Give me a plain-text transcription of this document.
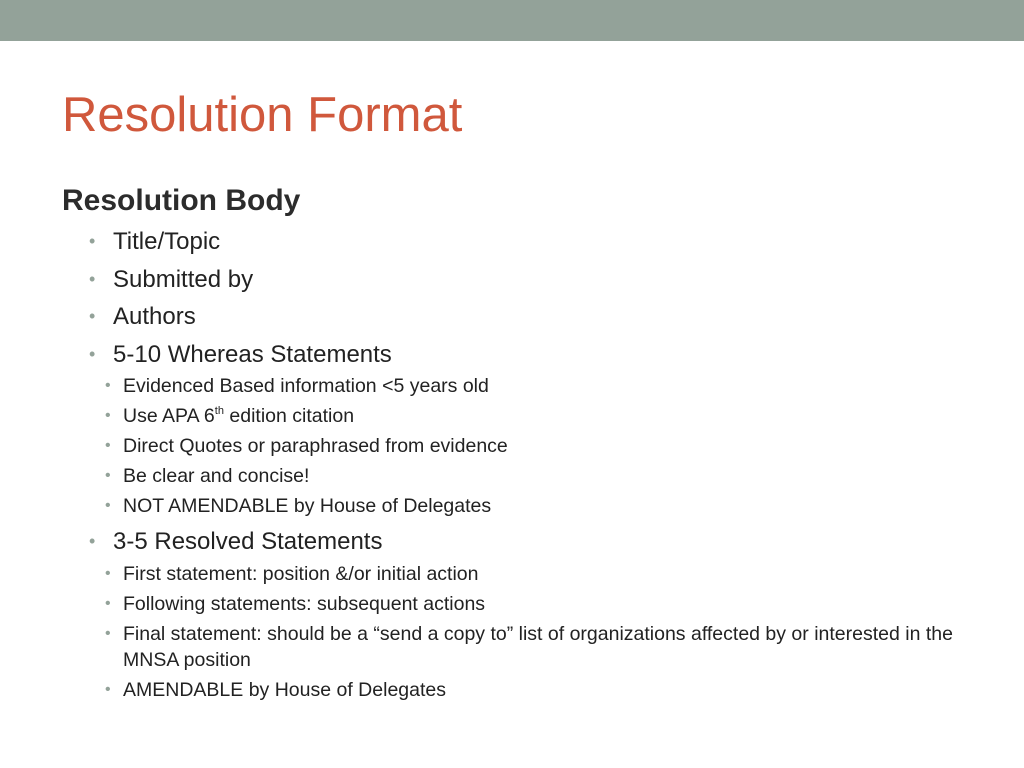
Resolution Format
Resolution Body
• Title/Topic
• Submitted by
• Authors
• 5-10 Whereas Statements
• Evidenced Based information <5 years old
• Use APA 6th edition citation
• Direct Quotes or paraphrased from evidence
• Be clear and concise!
• NOT AMENDABLE by House of Delegates
• 3-5 Resolved Statements
• First statement: position &/or initial action
• Following statements: subsequent actions
• Final statement: should be a “send a copy to” list of organizations affected by or interested in the MNSA position
• AMENDABLE by House of Delegates
